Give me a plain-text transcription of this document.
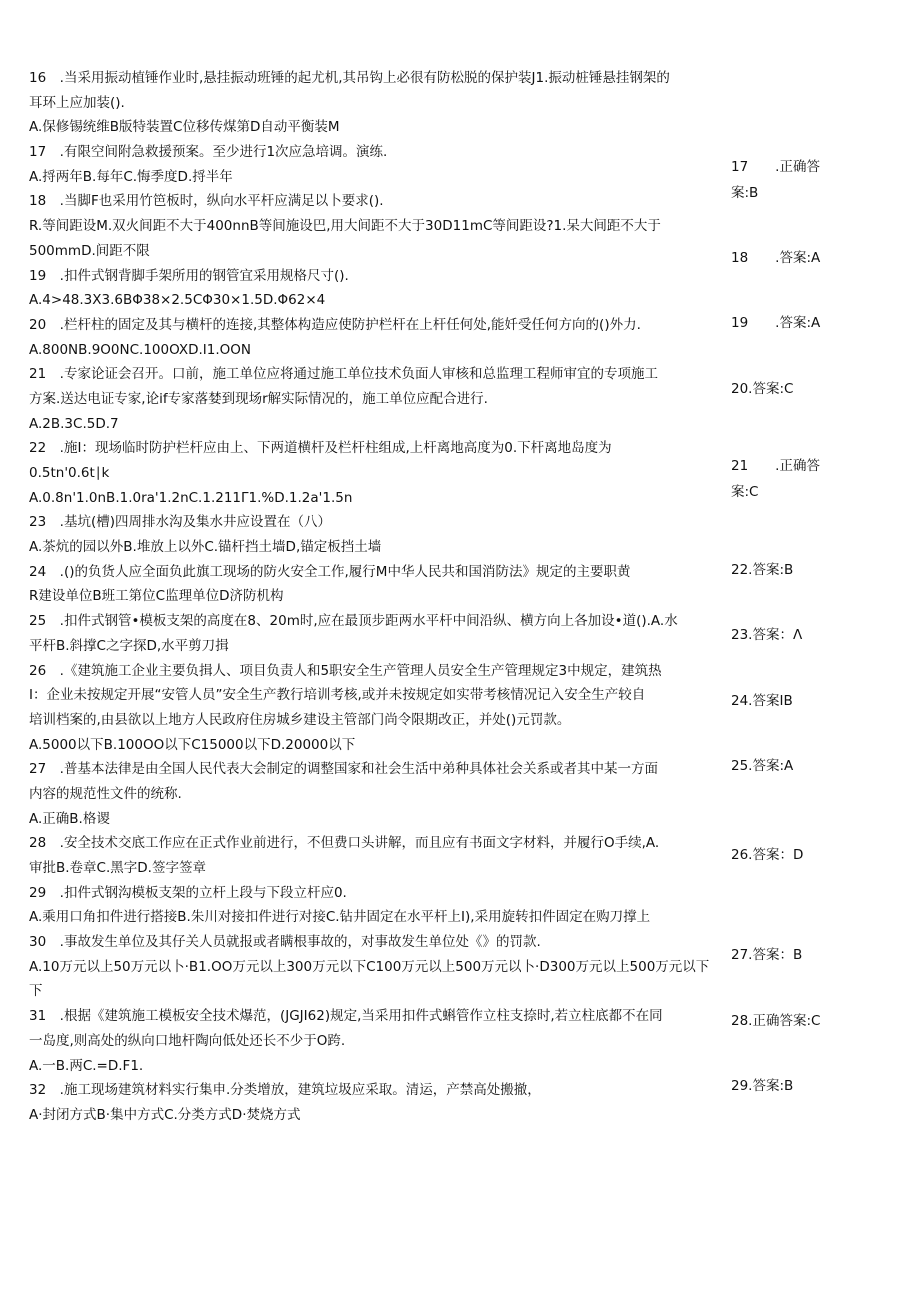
16　.当采用振动植锤作业时,悬挂振动班锤的起尤机,其吊钩上必很有防松脱的保护装J1.振动桩锤悬挂钢架的
耳环上应加装().
A.保修锡统维B版特装置C位移传煤第D自动平衡装M
17　.有限空间附急救援预案。至少进行1次应急培调。演练.
A.捋两年B.每年C.悔季度D.捋半年
18　.当脚F也采用竹笆板时，纵向水平杆应满足以卜要求().
R.等间距设M.双火间距不大于400nnB等间施设巴,用大间距不大于30D11mC等间距设?1.呆大间距不大于
500mmD.间距不限
19　.扣件式钢背脚手架所用的钢管宜采用规格尺寸().
A.4>48.3X3.6BΦ38×2.5CΦ30×1.5D.Φ62×4
20　.栏杆柱的固定及其与横杆的连接,其整体构造应使防护栏杆在上杆任何处,能奷受任何方向的()外力.
A.800NB.9O0NC.100OXD.I1.OON
21　.专家论证会召开。口前，施工单位应将通过施工单位技术负面人审核和总监理工程师审宜的专项施工
方案.送达电证专家,论if专家落婪到现场r解实际情况的，施工单位应配合进行.
A.2B.3C.5D.7
22　.施I：现场临时防护栏杆应由上、下两道横杆及栏杆柱组成,上杆离地高度为0.下杆离地岛度为
0.5tn'0.6t∣k
A.0.8n'1.0nB.1.0ra'1.2nC.1.211Γ1.%D.1.2a'1.5n
23　.基坑(槽)四周排水沟及集水井应设置在（八）
A.茶炕的园以外B.堆放上以外C.锚杆挡土墙D,锚定板挡土墙
24　.()的负货人应全面负此旗工现场的防火安全工作,履行M中华人民共和国消防法》规定的主要职黄
R建设单位B班工第位C监理单位D济防机构
25　.扣件式钢管•模板支架的高度在8、20m时,应在最顶步距两水平杆中间沿纵、横方向上各加设•道().A.水
平杆B.斜撑C之字探D,水平剪刀揖
26　.《建筑施工企业主要负揖人、项目负责人和5职安全生产管理人员安全生产管理规定3中规定，建筑热
I：企业未按规定开展“安管人员”安全生产教行培训考核,或并未按规定如实带考核情况记入安全生产较自
培训档案的,由县欲以上地方人民政府住房城乡建设主管部门尚令限期改正，并处()元罚款。
A.5000以下B.100OO以下C15000以下D.20000以下
27　.普基本法律是由全国人民代表大会制定的调整国家和社会生活中弟种具体社会关系或者其中某一方面
内容的规范性文件的统称.
A.正确B.格谡
28　.安全技术交底工作应在正式作业前进行，不但费口头讲解，而且应有书面文字材料，并履行O手续,A.
审批B.卷章C.黑字D.签字签章
29　.扣件式钢沟模板支架的立杆上段与下段立杆应0.
A.乘用口角扣件进行搭接B.朱川对接扣件进行对接C.钻井固定在水平杆上I),采用旋转扣件固定在购刀撑上
30　.事故发生单位及其仔关人员就报或者瞒根事故的，对事故发生单位处《》的罚款.
A.10万元以上50万元以卜·B1.OO万元以上300万元以下C100万元以上500万元以卜·D300万元以上500万元以下
下
31　.根据《建筑施工模板安全技术爆范，(JGJI62)规定,当采用扣件式蝌管作立柱支捺时,若立柱底都不在同
一岛度,则高处的纵向口地杆陶向低处还长不少于O跨.
A.一B.两C.=D.F1.
32　.施工现场建筑材料实行集申.分类增放，建筑垃圾应采取。清运，产禁高处搬撤，
A·封闭方式B·集中方式C.分类方式D·焚烧方式
17　　.正确答
案:B
18　　.答案:A
19　　.答案:A
20.答案:C
21　　.正确答
案:C
22.答案:B
23.答案：Λ
24.答案IB
25.答案:A
26.答案：D
27.答案：B
28.正确答案:C
29.答案:B
